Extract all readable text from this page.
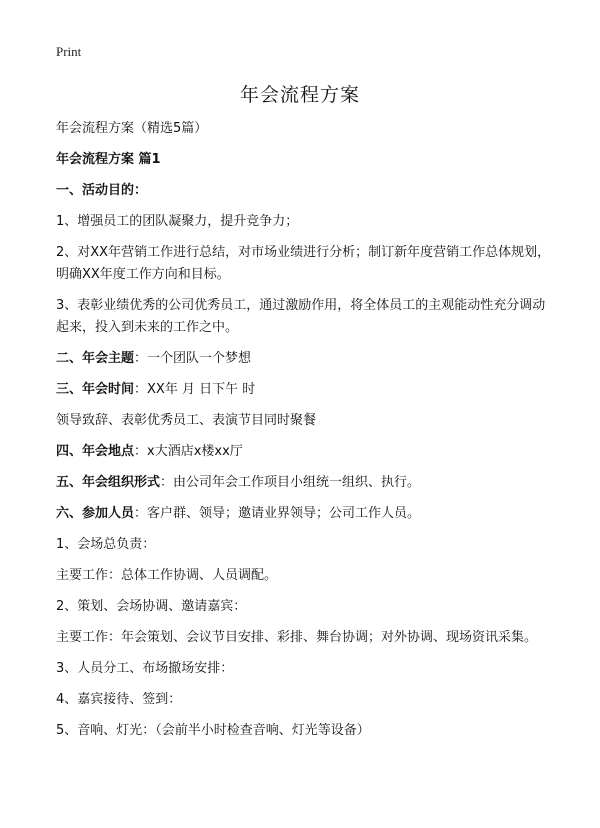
Print
年会流程方案

年会流程方案（精选5篇）

年会流程方案 篇1

一、活动目的：

1、增强员工的团队凝聚力，提升竞争力；

2、对XX年营销工作进行总结，对市场业绩进行分析；制订新年度营销工作总体规划，明确XX年度工作方向和目标。

3、表彰业绩优秀的公司优秀员工，通过激励作用，将全体员工的主观能动性充分调动起来，投入到未来的工作之中。

二、年会主题：一个团队一个梦想

三、年会时间：XX年 月 日下午 时

领导致辞、表彰优秀员工、表演节目同时聚餐

四、年会地点：x大酒店x楼xx厅

五、年会组织形式：由公司年会工作项目小组统一组织、执行。

六、参加人员：客户群、领导；邀请业界领导；公司工作人员。

1、会场总负责：

主要工作：总体工作协调、人员调配。

2、策划、会场协调、邀请嘉宾：

主要工作：年会策划、会议节目安排、彩排、舞台协调；对外协调、现场资讯采集。

3、人员分工、布场撤场安排：

4、嘉宾接待、签到：

5、音响、灯光：（会前半小时检查音响、灯光等设备）
